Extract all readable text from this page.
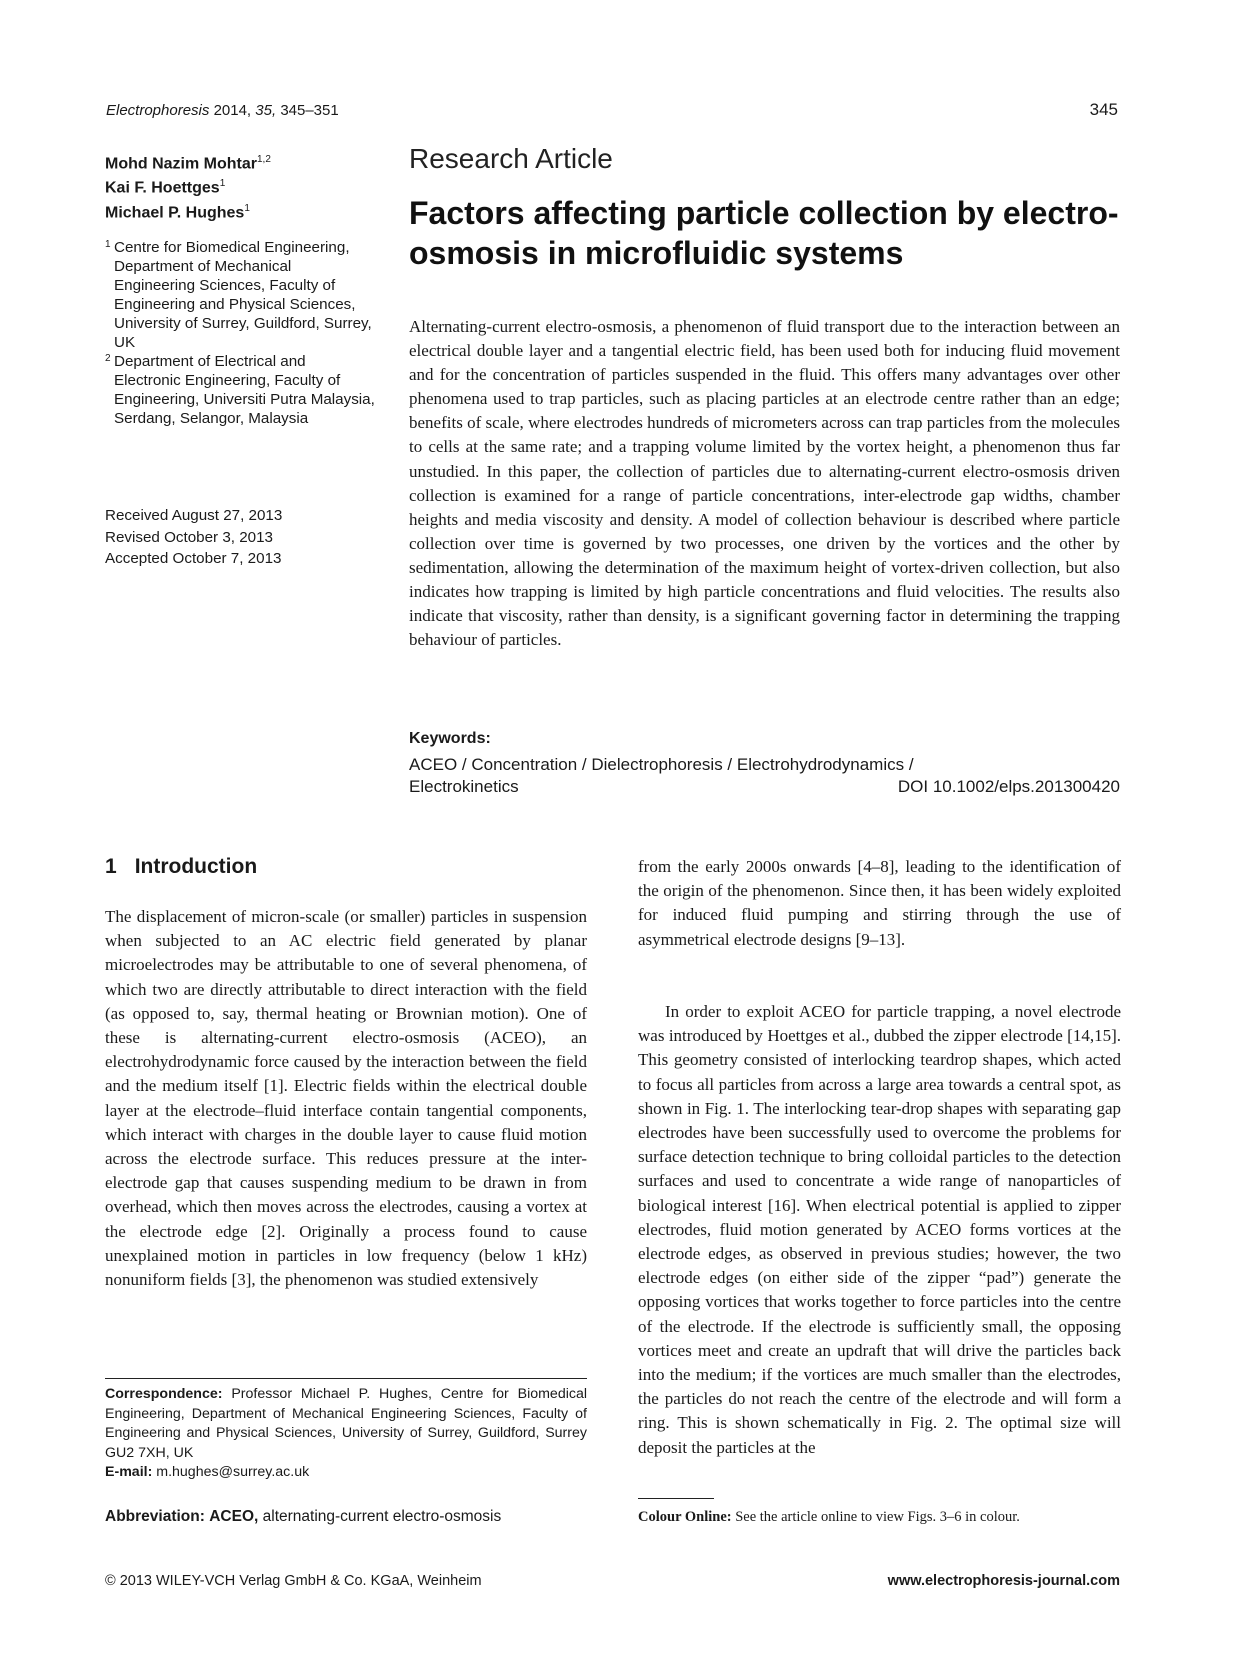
Electrophoresis 2014, 35, 345–351	345
Mohd Nazim Mohtar$^{1,2}$
Kai F. Hoettges$^1$
Michael P. Hughes$^1$

1 Centre for Biomedical Engineering, Department of Mechanical Engineering Sciences, Faculty of Engineering and Physical Sciences, University of Surrey, Guildford, Surrey, UK

2 Department of Electrical and Electronic Engineering, Faculty of Engineering, Universiti Putra Malaysia, Serdang, Selangor, Malaysia

Received August 27, 2013
Revised October 3, 2013
Accepted October 7, 2013
Research Article
Factors affecting particle collection by electro-osmosis in microfluidic systems

Alternating-current electro-osmosis, a phenomenon of fluid transport due to the interaction between an electrical double layer and a tangential electric field, has been used both for inducing fluid movement and for the concentration of particles suspended in the fluid. This offers many advantages over other phenomena used to trap particles, such as placing particles at an electrode centre rather than an edge; benefits of scale, where electrodes hundreds of micrometers across can trap particles from the molecules to cells at the same rate; and a trapping volume limited by the vortex height, a phenomenon thus far unstudied. In this paper, the collection of particles due to alternating-current electro-osmosis driven collection is examined for a range of particle concentrations, inter-electrode gap widths, chamber heights and media viscosity and density. A model of collection behaviour is described where particle collection over time is governed by two processes, one driven by the vortices and the other by sedimentation, allowing the determination of the maximum height of vortex-driven collection, but also indicates how trapping is limited by high particle concentrations and fluid velocities. The results also indicate that viscosity, rather than density, is a significant governing factor in determining the trapping behaviour of particles.

Keywords:
ACEO / Concentration / Dielectrophoresis / Electrohydrodynamics /
Electrokinetics	DOI 10.1002/elps.201300420
1 Introduction

The displacement of micron-scale (or smaller) particles in suspension when subjected to an AC electric field generated by planar microelectrodes may be attributable to one of several phenomena, of which two are directly attributable to direct interaction with the field (as opposed to, say, thermal heating or Brownian motion). One of these is alternating-current electro-osmosis (ACEO), an electrohydrodynamic force caused by the interaction between the field and the medium itself [1]. Electric fields within the electrical double layer at the electrode–fluid interface contain tangential components, which interact with charges in the double layer to cause fluid motion across the electrode surface. This reduces pressure at the inter-electrode gap that causes suspending medium to be drawn in from overhead, which then moves across the electrodes, causing a vortex at the electrode edge [2]. Originally a process found to cause unexplained motion in particles in low frequency (below 1 kHz) nonuniform fields [3], the phenomenon was studied extensively

from the early 2000s onwards [4–8], leading to the identification of the origin of the phenomenon. Since then, it has been widely exploited for induced fluid pumping and stirring through the use of asymmetrical electrode designs [9–13].

In order to exploit ACEO for particle trapping, a novel electrode was introduced by Hoettges et al., dubbed the zipper electrode [14,15]. This geometry consisted of interlocking teardrop shapes, which acted to focus all particles from across a large area towards a central spot, as shown in Fig. 1. The interlocking tear-drop shapes with separating gap electrodes have been successfully used to overcome the problems for surface detection technique to bring colloidal particles to the detection surfaces and used to concentrate a wide range of nanoparticles of biological interest [16]. When electrical potential is applied to zipper electrodes, fluid motion generated by ACEO forms vortices at the electrode edges, as observed in previous studies; however, the two electrode edges (on either side of the zipper “pad”) generate the opposing vortices that works together to force particles into the centre of the electrode. If the electrode is sufficiently small, the opposing vortices meet and create an updraft that will drive the particles back into the medium; if the vortices are much smaller than the electrodes, the particles do not reach the centre of the electrode and will form a ring. This is shown schematically in Fig. 2. The optimal size will deposit the particles at the

Correspondence: Professor Michael P. Hughes, Centre for Biomedical Engineering, Department of Mechanical Engineering Sciences, Faculty of Engineering and Physical Sciences, University of Surrey, Guildford, Surrey GU2 7XH, UK
E-mail: m.hughes@surrey.ac.uk

Abbreviation: ACEO, alternating-current electro-osmosis	Colour Online: See the article online to view Figs. 3–6 in colour.
© 2013 WILEY-VCH Verlag GmbH & Co. KGaA, Weinheim	www.electrophoresis-journal.com
